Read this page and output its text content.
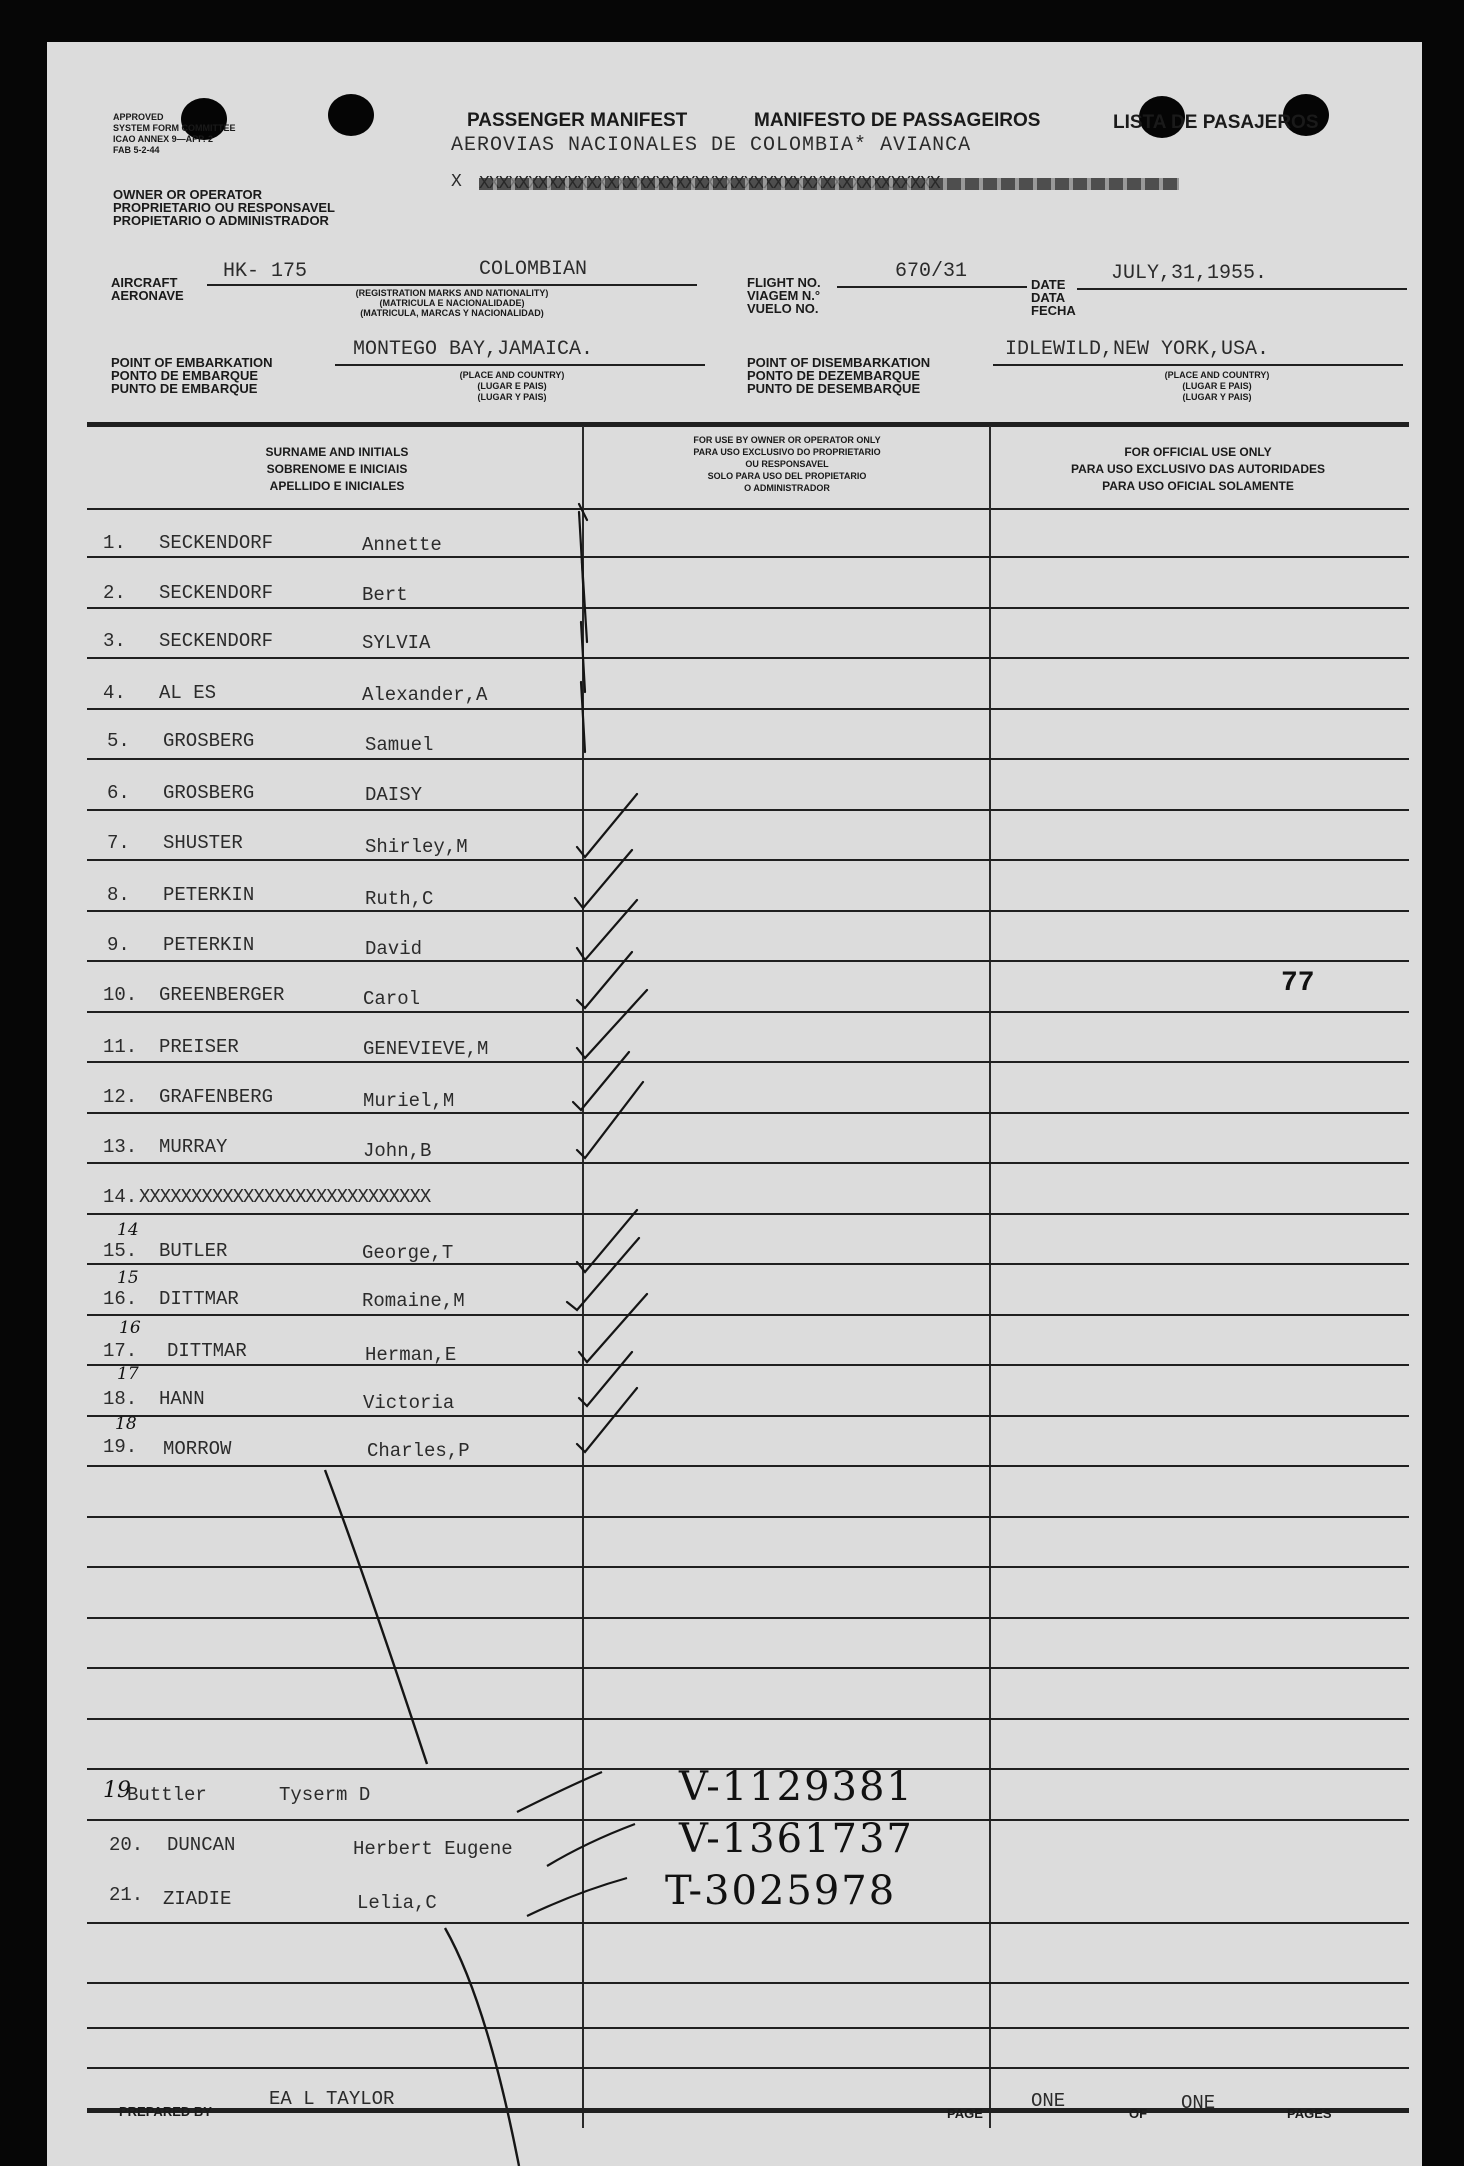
APPROVED
SYSTEM FORM COMMITTEE
ICAO ANNEX 9—APP. 2
FAB 5-2-44
OWNER OR OPERATOR
PROPRIETARIO OU RESPONSAVEL
PROPIETARIO O ADMINISTRADOR
PASSENGER MANIFEST	MANIFESTO DE PASSAGEIROS	LISTA DE PASAJEROS
AEROVIAS NACIONALES DE COLOMBIA* AVIANCA
X
AIRCRAFT
AERONAVE
HK- 175	COLOMBIAN
(REGISTRATION MARKS AND NATIONALITY)
(MATRICULA E NACIONALIDADE)
(MATRICULA, MARCAS Y NACIONALIDAD)
FLIGHT NO.
VIAGEM N.°
VUELO NO.
670/31
DATE
DATA
FECHA
JULY,31,1955.
POINT OF EMBARKATION
PONTO DE EMBARQUE
PUNTO DE EMBARQUE
MONTEGO BAY,JAMAICA.
(PLACE AND COUNTRY)
(LUGAR E PAIS)
(LUGAR Y PAIS)
POINT OF DISEMBARKATION
PONTO DE DEZEMBARQUE
PUNTO DE DESEMBARQUE
IDLEWILD,NEW YORK,USA.
(PLACE AND COUNTRY)
(LUGAR E PAIS)
(LUGAR Y PAIS)
SURNAME AND INITIALS
SOBRENOME E INICIAIS
APELLIDO E INICIALES
FOR USE BY OWNER OR OPERATOR ONLY
PARA USO EXCLUSIVO DO PROPRIETARIO
OU RESPONSAVEL
SOLO PARA USO DEL PROPIETARIO
O ADMINISTRADOR
FOR OFFICIAL USE ONLY
PARA USO EXCLUSIVO DAS AUTORIDADES
PARA USO OFICIAL SOLAMENTE
1. SECKENDORF	Annette
2. SECKENDORF	Bert
3. SECKENDORF	SYLVIA
4. AL ES	Alexander,A
5. GROSBERG	Samuel
6. GROSBERG	DAISY
7. SHUSTER	Shirley,M
8. PETERKIN	Ruth,C
9. PETERKIN	David
10. GREENBERGER	Carol
11. PREISER	GENEVIEVE,M
12. GRAFENBERG	Muriel,M
13. MURRAY	John,B
14. XXXXXXXXXXXXXXXXXXXXXXXXXXXX
15. BUTLER	George,T
16. DITTMAR	Romaine,M
17. DITTMAR	Herman,E
18. HANN	Victoria
19. MORROW	Charles,P
14
15
16
17
18
77
19
Buttler	Tyserm D	V-1129381
20. DUNCAN	Herbert Eugene	V-1361737
21. ZIADIE	Lelia,C	T-3025978
PREPARED BY
EA L TAYLOR
PAGE
ONE
OF ONE	PAGES
